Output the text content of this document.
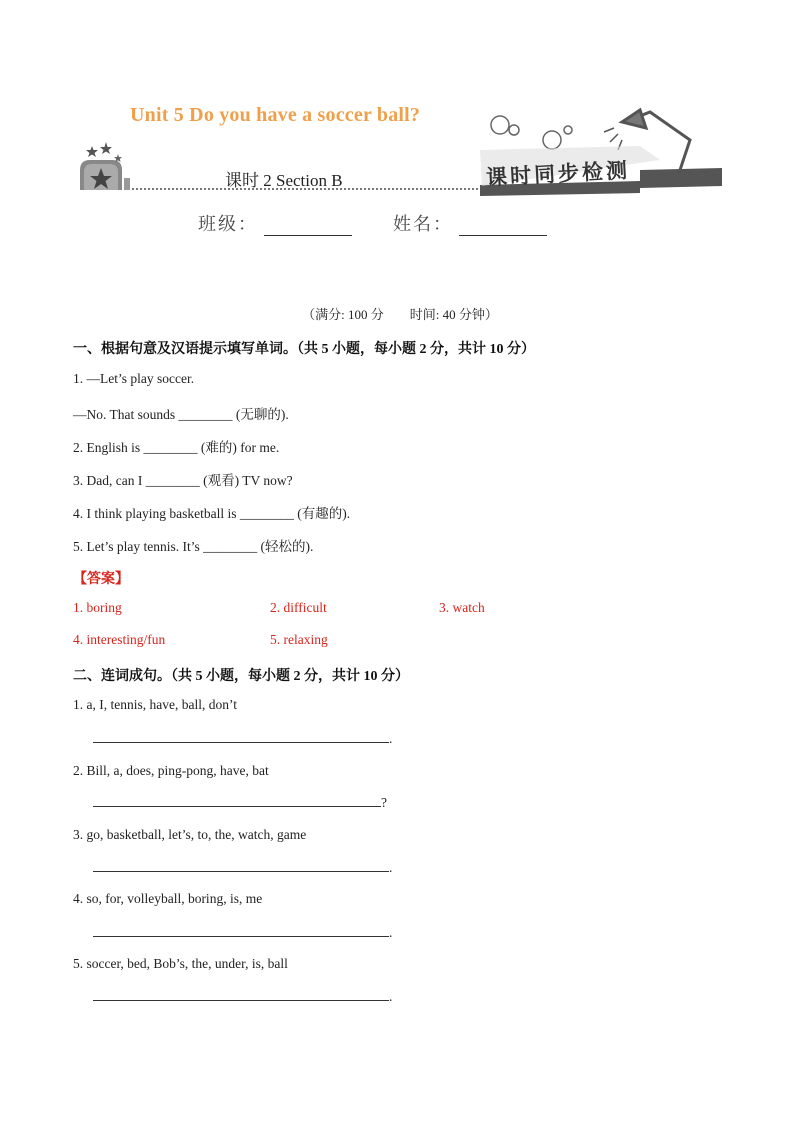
Unit 5 Do you have a soccer ball?
课时 2 Section B	课时同步检测
班级：	姓名：
（满分: 100 分　　时间: 40 分钟）
一、根据句意及汉语提示填写单词。（共 5 小题，每小题 2 分，共计 10 分）
1. —Let’s play soccer.
—No. That sounds ________ (无聊的).
2. English is ________ (难的) for me.
3. Dad, can I ________ (观看) TV now?
4. I think playing basketball is ________ (有趣的).
5. Let’s play tennis. It’s ________ (轻松的).
【答案】
1. boring	2. difficult	3. watch
4. interesting/fun	5. relaxing
二、连词成句。（共 5 小题，每小题 2 分，共计 10 分）
1. a, I, tennis, have, ball, don’t
.
2. Bill, a, does, ping-pong, have, bat
?
3. go, basketball, let’s, to, the, watch, game
.
4. so, for, volleyball, boring, is, me
.
5. soccer, bed, Bob’s, the, under, is, ball
.
